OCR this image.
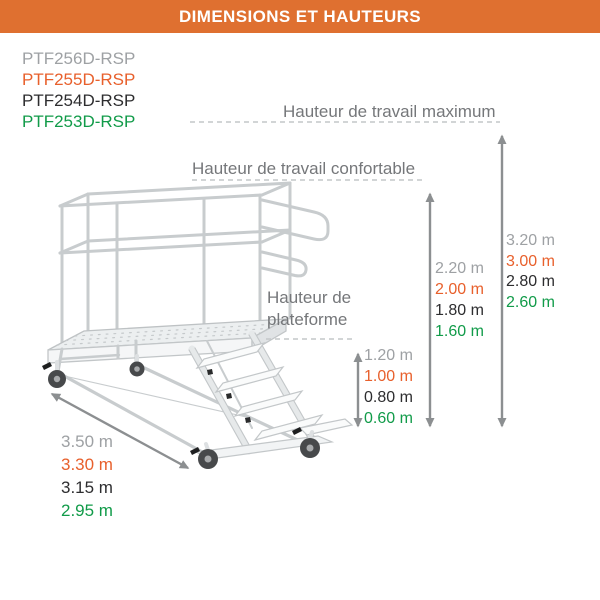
DIMENSIONS ET HAUTEURS
PTF256D-RSP
PTF255D-RSP
PTF254D-RSP
PTF253D-RSP
Hauteur de travail maximum
Hauteur de travail confortable
Hauteur de
plateforme
3.20 m
3.00 m
2.80 m
2.60 m
2.20 m
2.00 m
1.80 m
1.60 m
1.20 m
1.00 m
0.80 m
0.60 m
3.50 m
3.30 m
3.15 m
2.95 m
